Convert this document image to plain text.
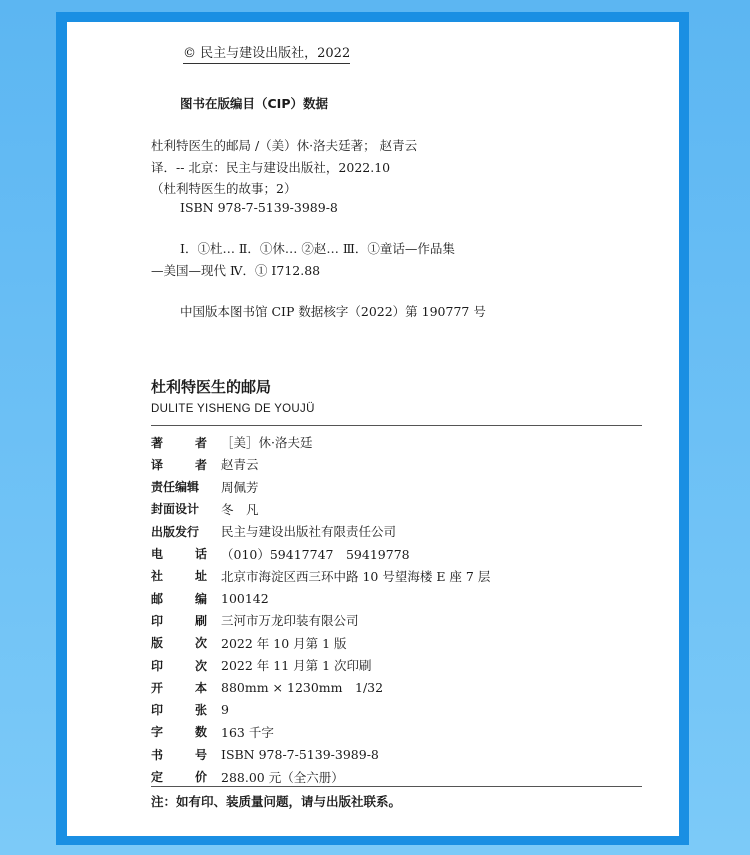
© 民主与建设出版社，2022
图书在版编目（CIP）数据
杜利特医生的邮局 /（美）休·洛夫廷著； 赵青云
译．-- 北京：民主与建设出版社，2022.10
（杜利特医生的故事；2）
ISBN 978-7-5139-3989-8
Ⅰ．①杜… Ⅱ．①休… ②赵… Ⅲ．①童话—作品集
—美国—现代 Ⅳ．① I712.88
中国版本图书馆 CIP 数据核字（2022）第 190777 号
杜利特医生的邮局
DULITE YISHENG DE YOUJÜ
著	者 ［美］休·洛夫廷
译	者 赵青云
责任编辑 周佩芳
封面设计 冬　凡
出版发行 民主与建设出版社有限责任公司
电	话 （010）59417747　59419778
社	址 北京市海淀区西三环中路 10 号望海楼 E 座 7 层
邮	编 100142
印	刷 三河市万龙印装有限公司
版	次 2022 年 10 月第 1 版
印	次 2022 年 11 月第 1 次印刷
开	本 880mm × 1230mm　1/32
印	张 9
字	数 163 千字
书	号 ISBN 978-7-5139-3989-8
定	价 288.00 元（全六册）
注：如有印、装质量问题，请与出版社联系。
